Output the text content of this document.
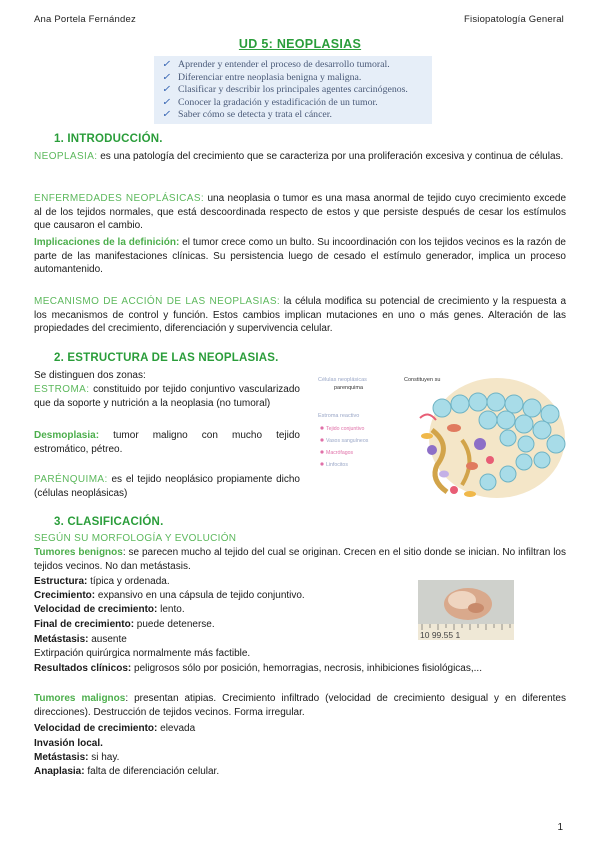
Ana Portela Fernández	Fisiopatología General
UD 5: NEOPLASIAS
✓ Aprender y entender el proceso de desarrollo tumoral.
✓ Diferenciar entre neoplasia benigna y maligna.
✓ Clasificar y describir los principales agentes carcinógenos.
✓ Conocer la gradación y estadificación de un tumor.
✓ Saber cómo se detecta y trata el cáncer.
1. INTRODUCCIÓN.
NEOPLASIA: es una patología del crecimiento que se caracteriza por una proliferación excesiva y continua de células.
ENFERMEDADES NEOPLÁSICAS: una neoplasia o tumor es una masa anormal de tejido cuyo crecimiento excede al de los tejidos normales, que está descoordinada respecto de estos y que persiste después de cesar los estímulos que causaron el cambio.
Implicaciones de la definición: el tumor crece como un bulto. Su incoordinación con los tejidos vecinos es la razón de parte de las manifestaciones clínicas. Su persistencia luego de cesado el estímulo generador, implica un proceso automantenido.
MECANISMO DE ACCIÓN DE LAS NEOPLASIAS: la célula modifica su potencial de crecimiento y la respuesta a los mecanismos de control y función. Estos cambios implican mutaciones en uno o más genes. Alteración de las propiedades del crecimiento, diferenciación y supervivencia celular.
2. ESTRUCTURA DE LAS NEOPLASIAS.
Se distinguen dos zonas:
ESTROMA: constituido por tejido conjuntivo vascularizado que da soporte y nutrición a la neoplasia (no tumoral)
Desmoplasia: tumor maligno con mucho tejido estromático, pétreo.
PARÉNQUIMA: es el tejido neoplásico propiamente dicho (células neoplásicas)
Células neoplásicas
parenquima
Constituyen su
Estroma reactivo
Tejido conjuntivo
Vasos sanguíneos
Macrófagos
Linfocitos
3. CLASIFICACIÓN.
SEGÚN SU MORFOLOGÍA Y EVOLUCIÓN
Tumores benignos: se parecen mucho al tejido del cual se originan. Crecen en el sitio donde se inician. No infiltran los tejidos vecinos. No dan metástasis.
Estructura: típica y ordenada.
Crecimiento: expansivo en una cápsula de tejido conjuntivo.
Velocidad de crecimiento: lento.
Final de crecimiento: puede detenerse.
Metástasis: ausente
Extirpación quirúrgica normalmente más factible.
Resultados clínicos: peligrosos sólo por posición, hemorragias, necrosis, inhibiciones fisiológicas,...
10 99.55 1
Tumores malignos: presentan atipias. Crecimiento infiltrado (velocidad de crecimiento desigual y en diferentes direcciones). Destrucción de tejidos vecinos. Forma irregular.
Velocidad de crecimiento: elevada
Invasión local.
Metástasis: si hay.
Anaplasia: falta de diferenciación celular.
1
